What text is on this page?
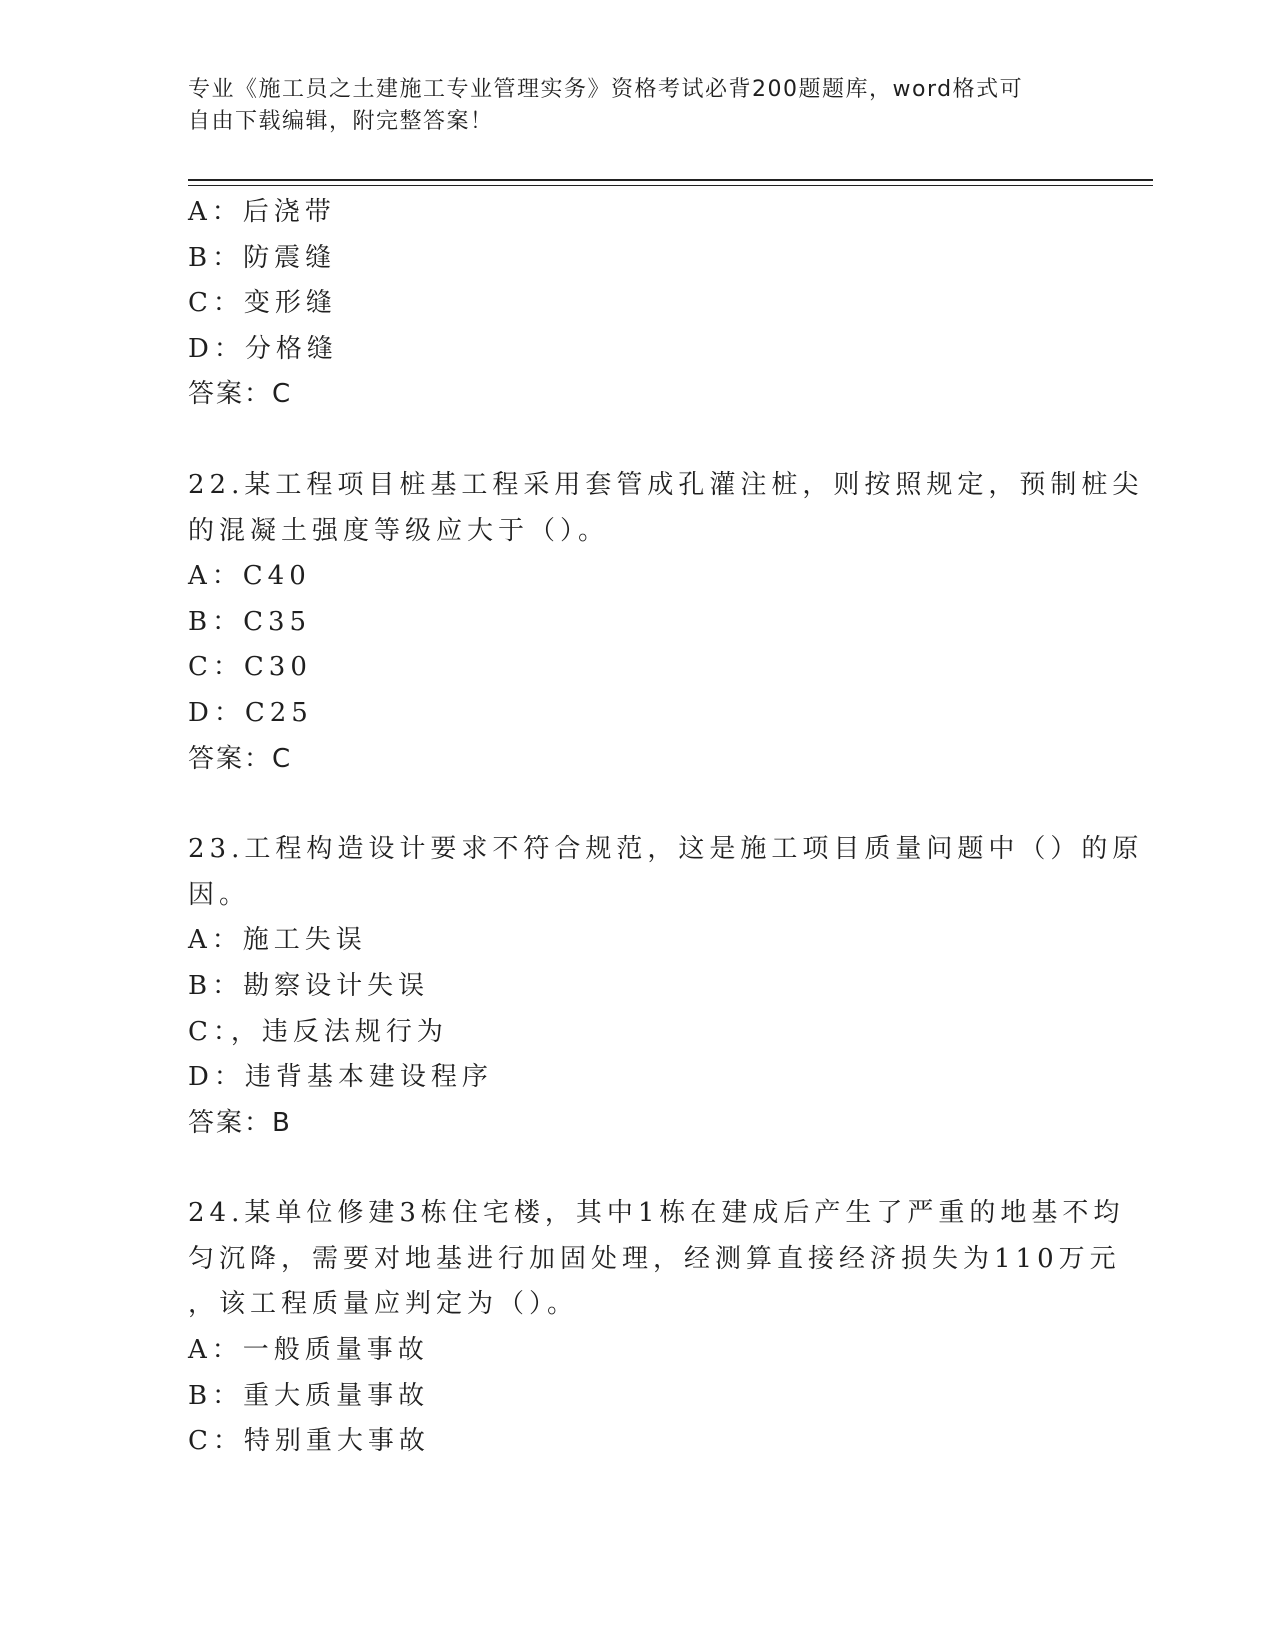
专业《施工员之土建施工专业管理实务》资格考试必背200题题库，word格式可
自由下载编辑，附完整答案！
A：后浇带
B：防震缝
C：变形缝
D：分格缝
答案：C
22.某工程项目桩基工程采用套管成孔灌注桩，则按照规定，预制桩尖
的混凝土强度等级应大于（）。
A：C40
B：C35
C：C30
D：C25
答案：C
23.工程构造设计要求不符合规范，这是施工项目质量问题中（）的原
因。
A：施工失误
B：勘察设计失误
C：，违反法规行为
D：违背基本建设程序
答案：B
24.某单位修建3栋住宅楼，其中1栋在建成后产生了严重的地基不均
匀沉降，需要对地基进行加固处理，经测算直接经济损失为110万元
，该工程质量应判定为（）。
A：一般质量事故
B：重大质量事故
C：特别重大事故
